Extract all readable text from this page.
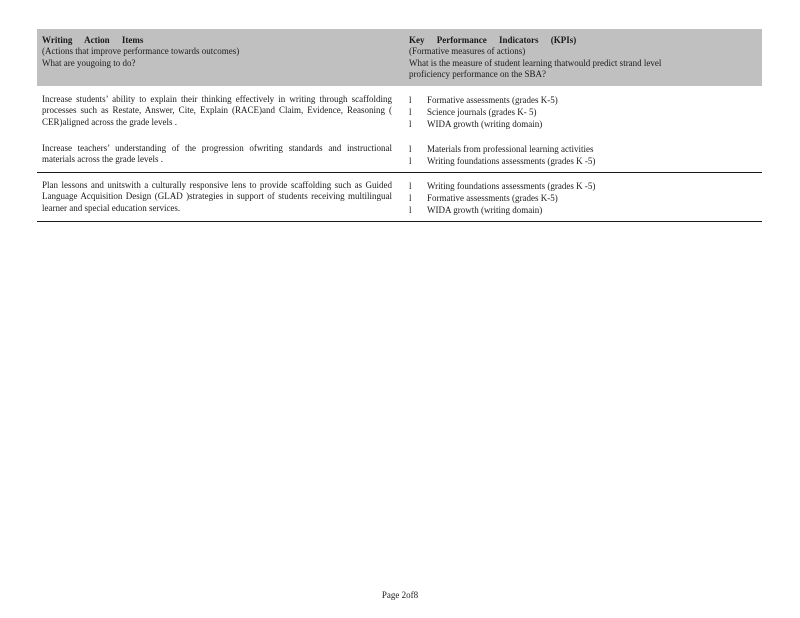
Writing Action Items
(Actions that improve performance towards outcomes)
What are yougoing to do?
Key Performance Indicators (KPIs)
(Formative measures of actions)
What is the measure of student learning thatwould predict strand level
proficiency performance on the SBA?
Increase students’ ability to explain their thinking effectively in writing through scaffolding processes such as Restate, Answer, Cite, Explain (RACE)and Claim, Evidence, Reasoning ( CER)aligned across the grade levels .
l	Formative assessments (grades K-5)
l	Science journals (grades K- 5)
l	WIDA growth (writing domain)
Increase teachers’ understanding of the progression ofwriting standards and instructional materials across the grade levels .
l	Materials from professional learning activities
l	Writing foundations assessments (grades K -5)
Plan lessons and unitswith a culturally responsive lens to provide scaffolding such as Guided Language Acquisition Design (GLAD )strategies in support of students receiving multilingual learner and special education services.
l	Writing foundations assessments (grades K -5)
l	Formative assessments (grades K-5)
l	WIDA growth (writing domain)
Page 2of8
